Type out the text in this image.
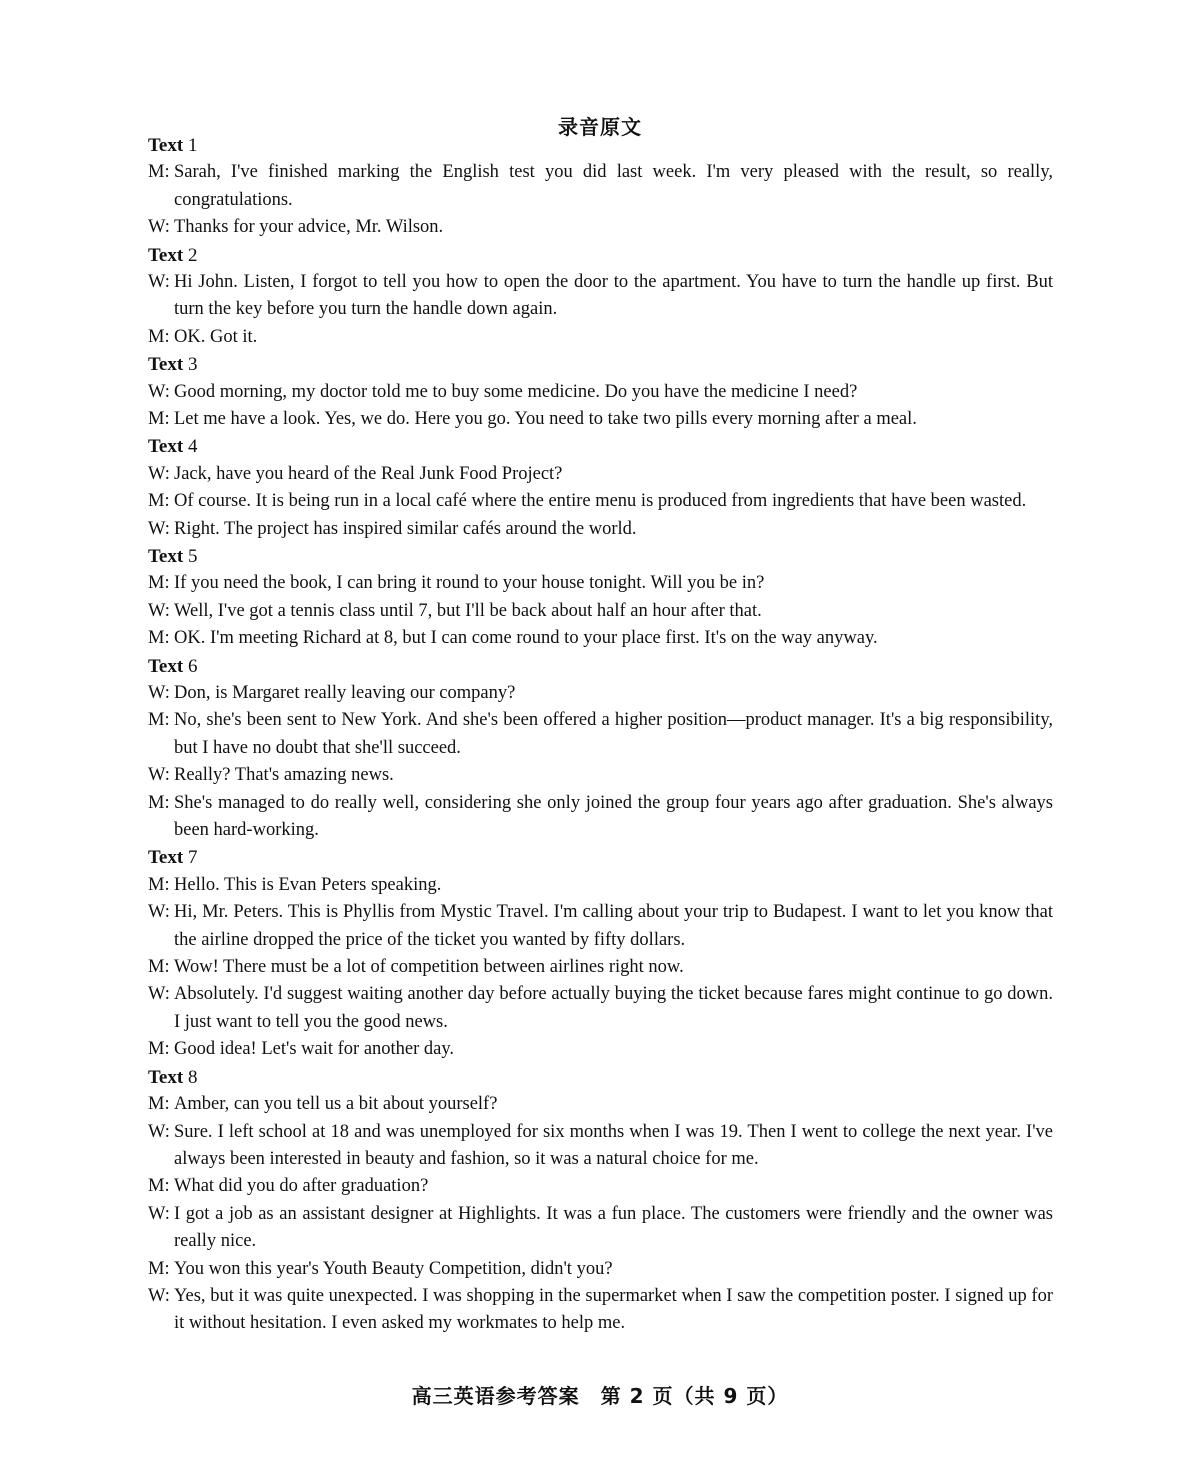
录音原文
Text 1
M: Sarah, I've finished marking the English test you did last week. I'm very pleased with the result, so really, congratulations.
W: Thanks for your advice, Mr. Wilson.
Text 2
W: Hi John. Listen, I forgot to tell you how to open the door to the apartment. You have to turn the handle up first. But turn the key before you turn the handle down again.
M: OK. Got it.
Text 3
W: Good morning, my doctor told me to buy some medicine. Do you have the medicine I need?
M: Let me have a look. Yes, we do. Here you go. You need to take two pills every morning after a meal.
Text 4
W: Jack, have you heard of the Real Junk Food Project?
M: Of course. It is being run in a local café where the entire menu is produced from ingredients that have been wasted.
W: Right. The project has inspired similar cafés around the world.
Text 5
M: If you need the book, I can bring it round to your house tonight. Will you be in?
W: Well, I've got a tennis class until 7, but I'll be back about half an hour after that.
M: OK. I'm meeting Richard at 8, but I can come round to your place first. It's on the way anyway.
Text 6
W: Don, is Margaret really leaving our company?
M: No, she's been sent to New York. And she's been offered a higher position—product manager. It's a big responsibility, but I have no doubt that she'll succeed.
W: Really? That's amazing news.
M: She's managed to do really well, considering she only joined the group four years ago after graduation. She's always been hard-working.
Text 7
M: Hello. This is Evan Peters speaking.
W: Hi, Mr. Peters. This is Phyllis from Mystic Travel. I'm calling about your trip to Budapest. I want to let you know that the airline dropped the price of the ticket you wanted by fifty dollars.
M: Wow! There must be a lot of competition between airlines right now.
W: Absolutely. I'd suggest waiting another day before actually buying the ticket because fares might continue to go down. I just want to tell you the good news.
M: Good idea! Let's wait for another day.
Text 8
M: Amber, can you tell us a bit about yourself?
W: Sure. I left school at 18 and was unemployed for six months when I was 19. Then I went to college the next year. I've always been interested in beauty and fashion, so it was a natural choice for me.
M: What did you do after graduation?
W: I got a job as an assistant designer at Highlights. It was a fun place. The customers were friendly and the owner was really nice.
M: You won this year's Youth Beauty Competition, didn't you?
W: Yes, but it was quite unexpected. I was shopping in the supermarket when I saw the competition poster. I signed up for it without hesitation. I even asked my workmates to help me.
高三英语参考答案　第 2 页（共 9 页）
